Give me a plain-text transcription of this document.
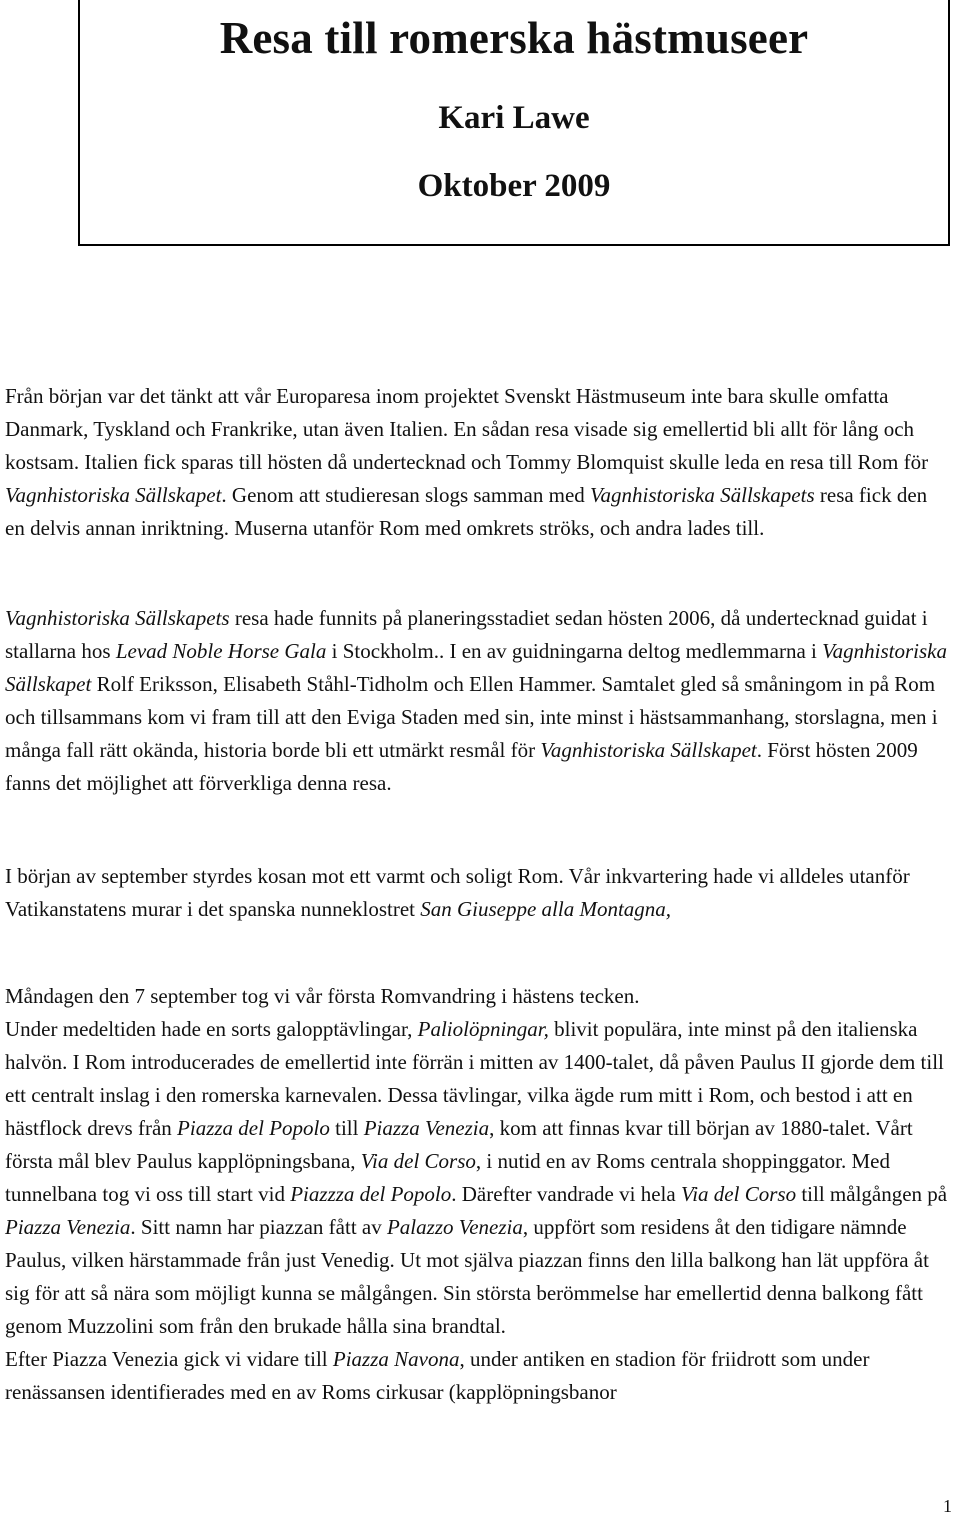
Resa till romerska hästmuseer
Kari Lawe
Oktober 2009

Från början var det tänkt att vår Europaresa inom projektet Svenskt Hästmuseum inte bara skulle omfatta Danmark, Tyskland och Frankrike, utan även Italien. En sådan resa visade sig emellertid bli allt för lång och kostsam. Italien fick sparas till hösten då undertecknad och Tommy Blomquist skulle leda en resa till Rom för Vagnhistoriska Sällskapet. Genom att studieresan slogs samman med Vagnhistoriska Sällskapets resa fick den en delvis annan inriktning. Muserna utanför Rom med omkrets ströks, och andra lades till.

Vagnhistoriska Sällskapets resa hade funnits på planeringsstadiet sedan hösten 2006, då undertecknad guidat i stallarna hos Levad Noble Horse Gala i Stockholm.. I en av guidningarna deltog medlemmarna i Vagnhistoriska Sällskapet Rolf Eriksson, Elisabeth Ståhl-Tidholm och Ellen Hammer. Samtalet gled så småningom in på Rom och tillsammans kom vi fram till att den Eviga Staden med sin, inte minst i hästsammanhang, storslagna, men i många fall rätt okända, historia borde bli ett utmärkt resmål för Vagnhistoriska Sällskapet. Först hösten 2009 fanns det möjlighet att förverkliga denna resa.

I början av september styrdes kosan mot ett varmt och soligt Rom. Vår inkvartering hade vi alldeles utanför Vatikanstatens murar i det spanska nunneklostret San Giuseppe alla Montagna,

Måndagen den 7 september tog vi vår första Romvandring i hästens tecken.
Under medeltiden hade en sorts galopptävlingar, Paliolöpningar, blivit populära, inte minst på den italienska halvön. I Rom introducerades de emellertid inte förrän i mitten av 1400-talet, då påven Paulus II gjorde dem till ett centralt inslag i den romerska karnevalen. Dessa tävlingar, vilka ägde rum mitt i Rom, och bestod i att en hästflock drevs från Piazza del Popolo till Piazza Venezia, kom att finnas kvar till början av 1880-talet. Vårt första mål blev Paulus kapplöpningsbana, Via del Corso, i nutid en av Roms centrala shoppinggator. Med tunnelbana tog vi oss till start vid Piazzza del Popolo. Därefter vandrade vi hela Via del Corso till målgången på Piazza Venezia. Sitt namn har piazzan fått av Palazzo Venezia, uppfört som residens åt den tidigare nämnde Paulus, vilken härstammade från just Venedig. Ut mot själva piazzan finns den lilla balkong han lät uppföra åt sig för att så nära som möjligt kunna se målgången. Sin största berömmelse har emellertid denna balkong fått genom Muzzolini som från den brukade hålla sina brandtal.
Efter Piazza Venezia gick vi vidare till Piazza Navona, under antiken en stadion för friidrott som under renässansen identifierades med en av Roms cirkusar (kapplöpningsbanor

1
